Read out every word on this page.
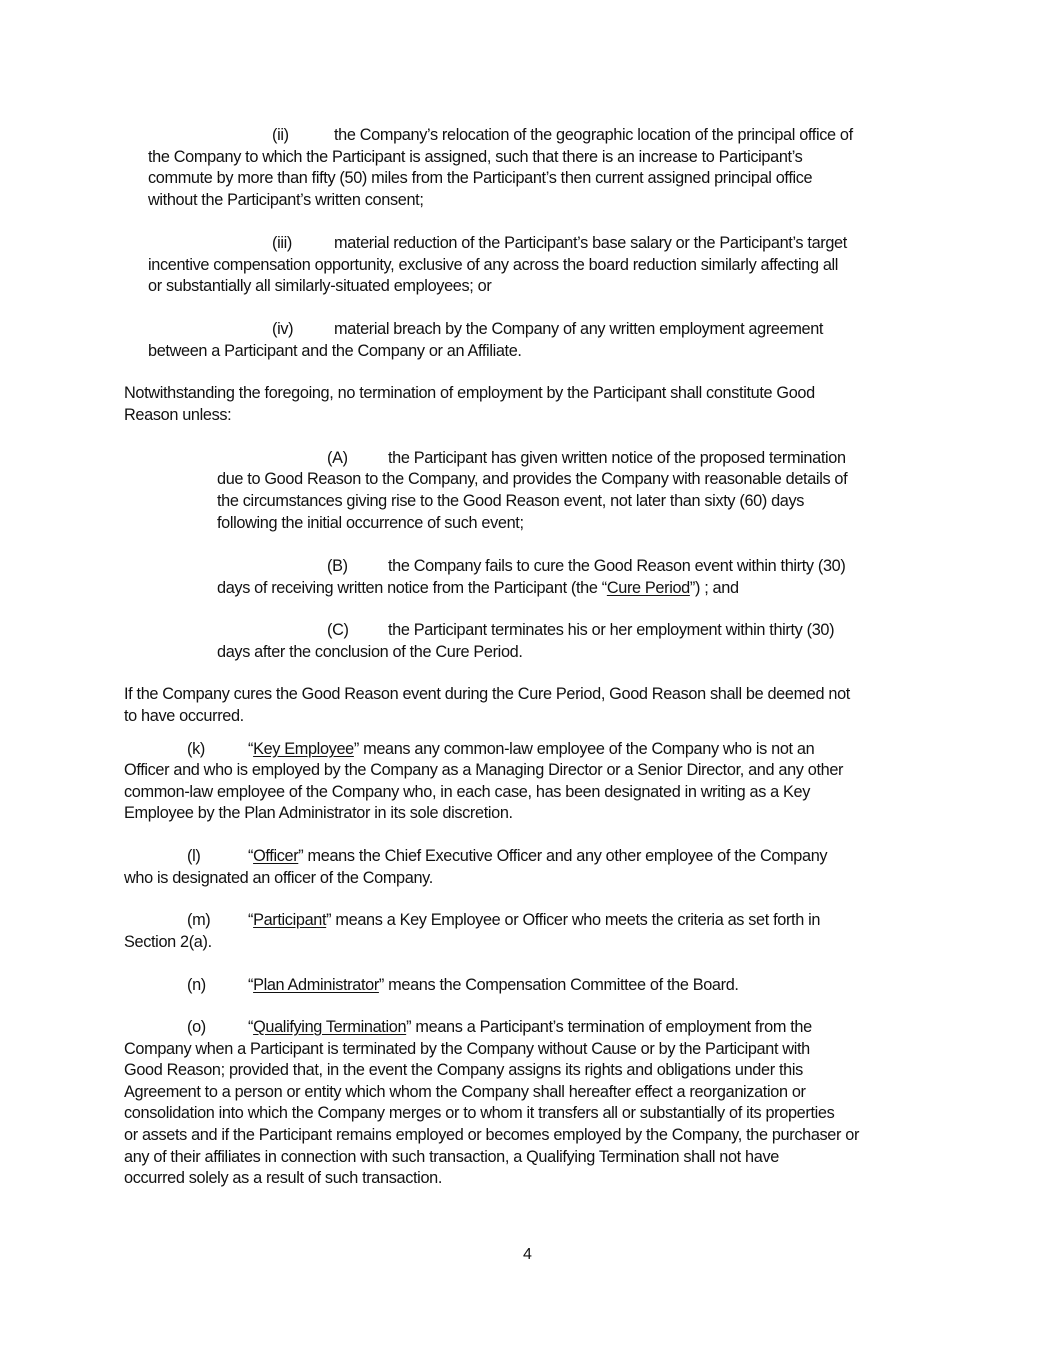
(ii)	the Company’s relocation of the geographic location of the principal office of
the Company to which the Participant is assigned, such that there is an increase to Participant’s
commute by more than fifty (50) miles from the Participant’s then current assigned principal office
without the Participant’s written consent;
(iii)	material reduction of the Participant’s base salary or the Participant’s target
incentive compensation opportunity, exclusive of any across the board reduction similarly affecting all
or substantially all similarly-situated employees; or
(iv)	material breach by the Company of any written employment agreement
between a Participant and the Company or an Affiliate.
Notwithstanding the foregoing, no termination of employment by the Participant shall constitute Good
Reason unless:
(A) the Participant has given written notice of the proposed termination
due to Good Reason to the Company, and provides the Company with reasonable details of
the circumstances giving rise to the Good Reason event, not later than sixty (60) days
following the initial occurrence of such event;
(B) the Company fails to cure the Good Reason event within thirty (30)
days of receiving written notice from the Participant (the “Cure Period”) ; and
(C) the Participant terminates his or her employment within thirty (30)
days after the conclusion of the Cure Period.
If the Company cures the Good Reason event during the Cure Period, Good Reason shall be deemed not
to have occurred.
(k)	“Key Employee” means any common-law employee of the Company who is not an
Officer and who is employed by the Company as a Managing Director or a Senior Director, and any other
common-law employee of the Company who, in each case, has been designated in writing as a Key
Employee by the Plan Administrator in its sole discretion.
(l)	“Officer” means the Chief Executive Officer and any other employee of the Company
who is designated an officer of the Company.
(m) “Participant” means a Key Employee or Officer who meets the criteria as set forth in
Section 2(a).
(n)	“Plan Administrator” means the Compensation Committee of the Board.
(o)	“Qualifying Termination” means a Participant’s termination of employment from the
Company when a Participant is terminated by the Company without Cause or by the Participant with
Good Reason; provided that, in the event the Company assigns its rights and obligations under this
Agreement to a person or entity which whom the Company shall hereafter effect a reorganization or
consolidation into which the Company merges or to whom it transfers all or substantially of its properties
or assets and if the Participant remains employed or becomes employed by the Company, the purchaser or
any of their affiliates in connection with such transaction, a Qualifying Termination shall not have
occurred solely as a result of such transaction.
4
